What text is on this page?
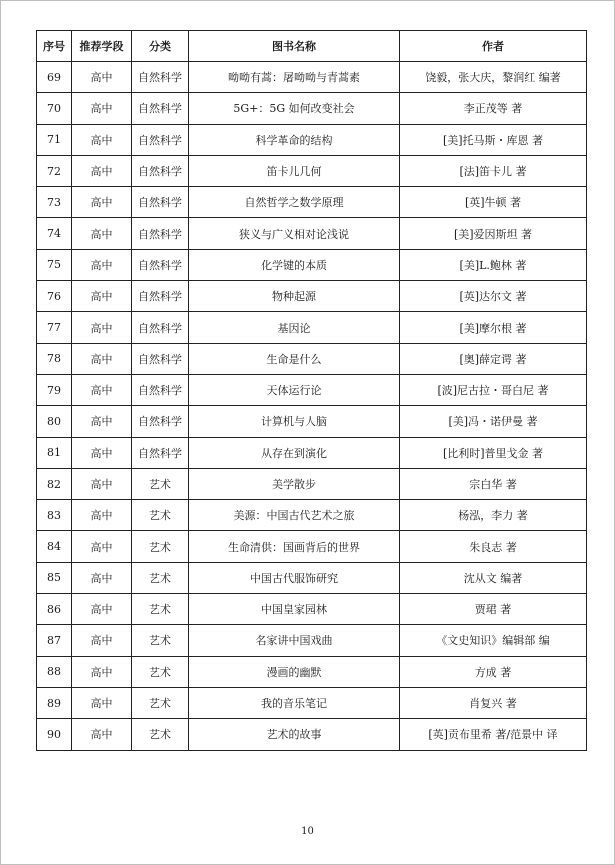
序号	推荐学段	分类	图书名称	作者
69	高中	自然科学	呦呦有蒿：屠呦呦与青蒿素	饶毅，张大庆，黎润红 编著
70	高中	自然科学	5G+：5G 如何改变社会	李正茂等 著
71	高中	自然科学	科学革命的结构	[美]托马斯・库恩 著
72	高中	自然科学	笛卡儿几何	[法]笛卡儿 著
73	高中	自然科学	自然哲学之数学原理	[英]牛顿 著
74	高中	自然科学	狭义与广义相对论浅说	[美]爱因斯坦 著
75	高中	自然科学	化学键的本质	[美]L.鲍林 著
76	高中	自然科学	物种起源	[英]达尔文 著
77	高中	自然科学	基因论	[美]摩尔根 著
78	高中	自然科学	生命是什么	[奥]薛定谔 著
79	高中	自然科学	天体运行论	[波]尼古拉・哥白尼 著
80	高中	自然科学	计算机与人脑	[美]冯・诺伊曼 著
81	高中	自然科学	从存在到演化	[比利时]普里戈金 著
82	高中	艺术	美学散步	宗白华 著
83	高中	艺术	美源：中国古代艺术之旅	杨泓，李力 著
84	高中	艺术	生命清供：国画背后的世界	朱良志 著
85	高中	艺术	中国古代服饰研究	沈从文 编著
86	高中	艺术	中国皇家园林	贾珺 著
87	高中	艺术	名家讲中国戏曲	《文史知识》编辑部 编
88	高中	艺术	漫画的幽默	方成 著
89	高中	艺术	我的音乐笔记	肖复兴 著
90	高中	艺术	艺术的故事	[英]贡布里希 著/范景中 译
10
